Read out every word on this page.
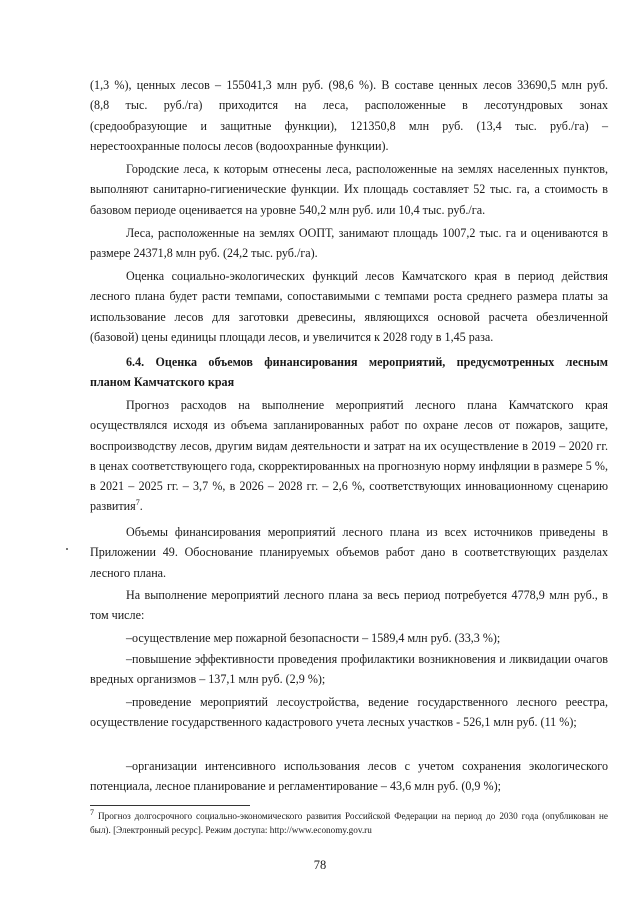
(1,3 %), ценных лесов – 155041,3 млн руб. (98,6 %). В составе ценных лесов 33690,5 млн руб.
(8,8 тыс. руб./га) приходится на леса, расположенные в лесотундровых зонах
(средообразующие и защитные функции), 121350,8 млн руб. (13,4 тыс. руб./га) –
нерестоохранные полосы лесов (водоохранные функции).

Городские леса, к которым отнесены леса, расположенные на землях населенных пунктов, выполняют санитарно-гигиенические функции. Их площадь составляет 52 тыс. га, а стоимость в базовом периоде оценивается на уровне 540,2 млн руб. или 10,4 тыс. руб./га.

Леса, расположенные на землях ООПТ, занимают площадь 1007,2 тыс. га и оцениваются в размере 24371,8 млн руб. (24,2 тыс. руб./га).

Оценка социально-экологических функций лесов Камчатского края в период действия лесного плана будет расти темпами, сопоставимыми с темпами роста среднего размера платы за использование лесов для заготовки древесины, являющихся основой расчета обезличенной (базовой) цены единицы площади лесов, и увеличится к 2028 году в 1,45 раза.

6.4. Оценка объемов финансирования мероприятий, предусмотренных лесным
планом Камчатского края

Прогноз расходов на выполнение мероприятий лесного плана Камчатского края осуществлялся исходя из объема запланированных работ по охране лесов от пожаров, защите, воспроизводству лесов, другим видам деятельности и затрат на их осуществление в 2019 – 2020 гг. в ценах соответствующего года, скорректированных на прогнозную норму инфляции в размере 5 %, в 2021 – 2025 гг. – 3,7 %, в 2026 – 2028 гг. – 2,6 %, соответствующих инновационному сценарию развития$^7$.

Объемы финансирования мероприятий лесного плана из всех источников приведены в Приложении 49. Обоснование планируемых объемов работ дано в соответствующих разделах лесного плана.

На выполнение мероприятий лесного плана за весь период потребуется 4778,9 млн руб., в том числе:

–осуществление мер пожарной безопасности – 1589,4 млн руб. (33,3 %);

–повышение эффективности проведения профилактики возникновения и ликвидации очагов вредных организмов – 137,1 млн руб. (2,9 %);

–проведение мероприятий лесоустройства, ведение государственного лесного реестра, осуществление государственного кадастрового учета лесных участков - 526,1 млн руб. (11 %);

–организации интенсивного использования лесов с учетом сохранения экологического потенциала, лесное планирование и регламентирование – 43,6 млн руб. (0,9 %);

$^7$ Прогноз долгосрочного социально-экономического развития Российской Федерации на период до 2030 года (опубликован не был). [Электронный ресурс]. Режим доступа: http://www.economy.gov.ru
78
